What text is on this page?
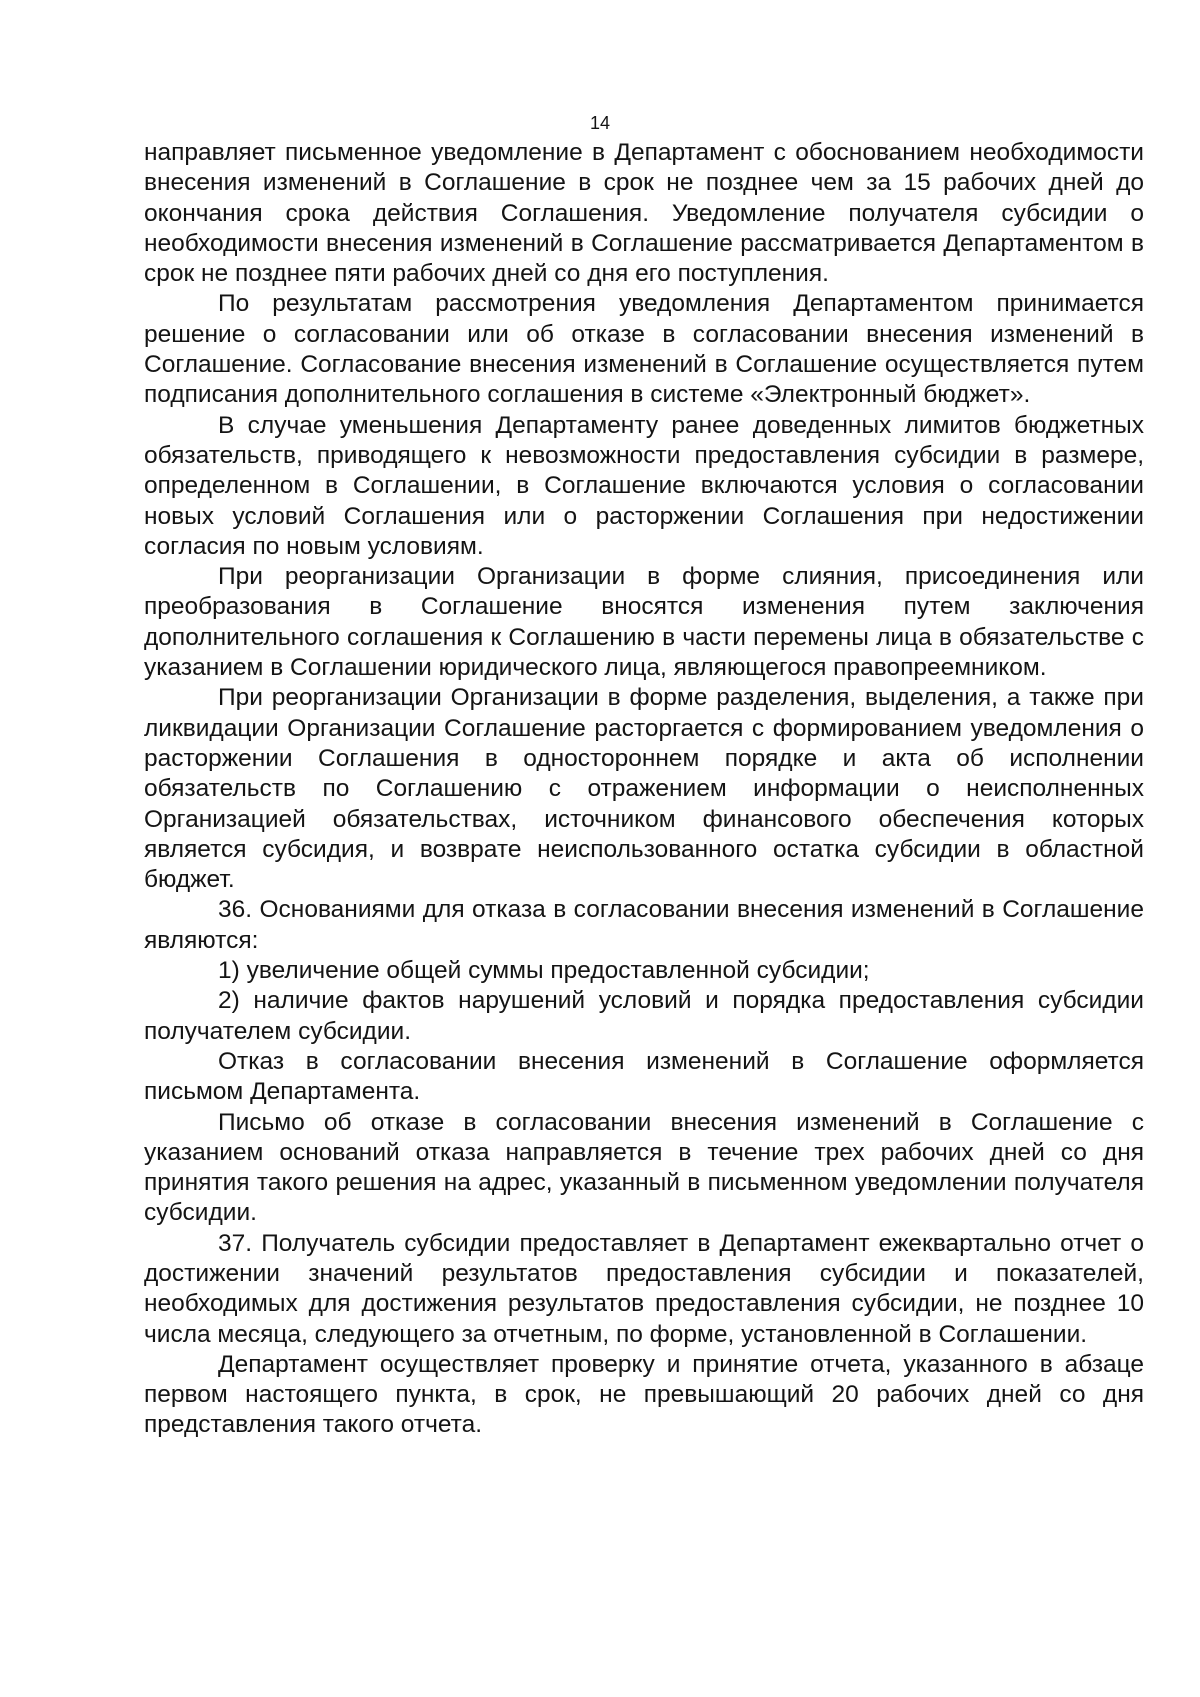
14

направляет письменное уведомление в Департамент с обоснованием необходимости внесения изменений в Соглашение в срок не позднее чем за 15 рабочих дней до окончания срока действия Соглашения. Уведомление получателя субсидии о необходимости внесения изменений в Соглашение рассматривается Департаментом в срок не позднее пяти рабочих дней со дня его поступления.

По результатам рассмотрения уведомления Департаментом принимается решение о согласовании или об отказе в согласовании внесения изменений в Соглашение. Согласование внесения изменений в Соглашение осуществляется путем подписания дополнительного соглашения в системе «Электронный бюджет».

В случае уменьшения Департаменту ранее доведенных лимитов бюджетных обязательств, приводящего к невозможности предоставления субсидии в размере, определенном в Соглашении, в Соглашение включаются условия о согласовании новых условий Соглашения или о расторжении Соглашения при недостижении согласия по новым условиям.

При реорганизации Организации в форме слияния, присоединения или преобразования в Соглашение вносятся изменения путем заключения дополнительного соглашения к Соглашению в части перемены лица в обязательстве с указанием в Соглашении юридического лица, являющегося правопреемником.

При реорганизации Организации в форме разделения, выделения, а также при ликвидации Организации Соглашение расторгается с формированием уведомления о расторжении Соглашения в одностороннем порядке и акта об исполнении обязательств по Соглашению с отражением информации о неисполненных Организацией обязательствах, источником финансового обеспечения которых является субсидия, и возврате неиспользованного остатка субсидии в областной бюджет.

36. Основаниями для отказа в согласовании внесения изменений в Соглашение являются:

1) увеличение общей суммы предоставленной субсидии;

2) наличие фактов нарушений условий и порядка предоставления субсидии получателем субсидии.

Отказ в согласовании внесения изменений в Соглашение оформляется письмом Департамента.

Письмо об отказе в согласовании внесения изменений в Соглашение с указанием оснований отказа направляется в течение трех рабочих дней со дня принятия такого решения на адрес, указанный в письменном уведомлении получателя субсидии.

37. Получатель субсидии предоставляет в Департамент ежеквартально отчет о достижении значений результатов предоставления субсидии и показателей, необходимых для достижения результатов предоставления субсидии, не позднее 10 числа месяца, следующего за отчетным, по форме, установленной в Соглашении.

Департамент осуществляет проверку и принятие отчета, указанного в абзаце первом настоящего пункта, в срок, не превышающий 20 рабочих дней со дня представления такого отчета.
